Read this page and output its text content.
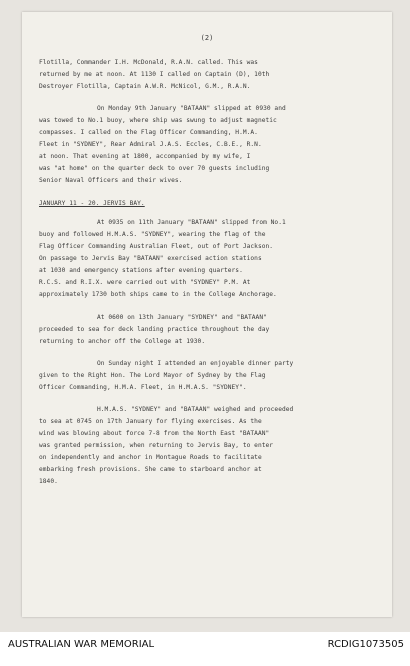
(2)
Flotilla, Commander I.H. McDonald, R.A.N. called. This was
returned by me at noon. At 1130 I called on Captain (D), 10th
Destroyer Flotilla, Captain A.W.R. McNicol, G.M., R.A.N.
On Monday 9th January "BATAAN" slipped at 0930 and
was towed to No.1 buoy, where ship was swung to adjust magnetic
compasses. I called on the Flag Officer Commanding, H.M.A.
Fleet in "SYDNEY", Rear Admiral J.A.S. Eccles, C.B.E., R.N.
at noon. That evening at 1800, accompanied by my wife, I
was "at home" on the quarter deck to over 70 guests including
Senior Naval Officers and their wives.
JANUARY 11 - 20. JERVIS BAY.
At 0935 on 11th January "BATAAN" slipped from No.1
buoy and followed H.M.A.S. "SYDNEY", wearing the flag of the
Flag Officer Commanding Australian Fleet, out of Port Jackson.
On passage to Jervis Bay "BATAAN" exercised action stations
at 1030 and emergency stations after evening quarters.
R.C.S. and R.I.X. were carried out with "SYDNEY" P.M. At
approximately 1730 both ships came to in the College Anchorage.
At 0600 on 13th January "SYDNEY" and "BATAAN"
proceeded to sea for deck landing practice throughout the day
returning to anchor off the College at 1930.
On Sunday night I attended an enjoyable dinner party
given to the Right Hon. The Lord Mayor of Sydney by the Flag
Officer Commanding, H.M.A. Fleet, in H.M.A.S. "SYDNEY".
H.M.A.S. "SYDNEY" and "BATAAN" weighed and proceeded
to sea at 0745 on 17th January for flying exercises. As the
wind was blowing about force 7-8 from the North East "BATAAN"
was granted permission, when returning to Jervis Bay, to enter
on independently and anchor in Montague Roads to facilitate
embarking fresh provisions. She came to starboard anchor at
1840.
AUSTRALIAN WAR MEMORIAL	RCDIG1073505
